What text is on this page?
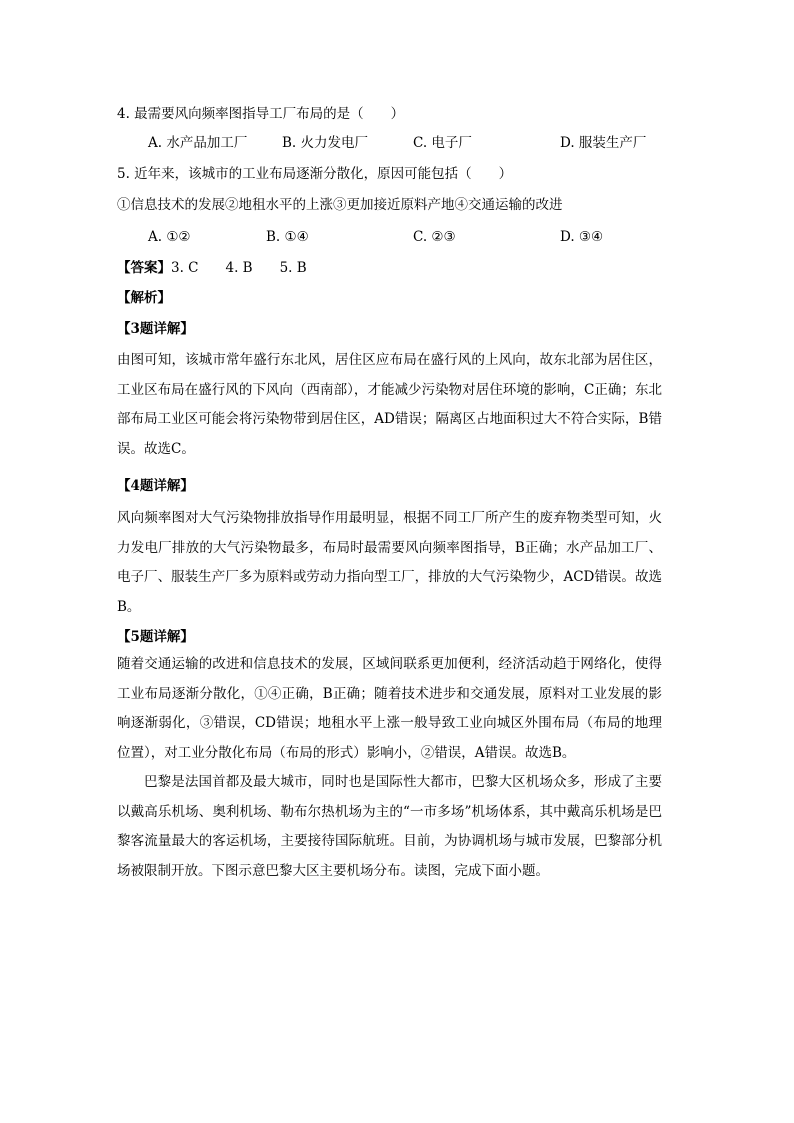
4. 最需要风向频率图指导工厂布局的是（　　）
A. 水产品加工厂	B. 火力发电厂	C. 电子厂	D. 服装生产厂
5. 近年来，该城市的工业布局逐渐分散化，原因可能包括（　　）
①信息技术的发展②地租水平的上涨③更加接近原料产地④交通运输的改进
A. ①②	B. ①④	C. ②③	D. ③④
【答案】3. C　　4. B　　5. B
【解析】
【3题详解】
由图可知，该城市常年盛行东北风，居住区应布局在盛行风的上风向，故东北部为居住区，工业区布局在盛行风的下风向（西南部），才能减少污染物对居住环境的影响，C正确；东北部布局工业区可能会将污染物带到居住区，AD错误；隔离区占地面积过大不符合实际，B错误。故选C。
【4题详解】
风向频率图对大气污染物排放指导作用最明显，根据不同工厂所产生的废弃物类型可知，火力发电厂排放的大气污染物最多，布局时最需要风向频率图指导，B正确；水产品加工厂、电子厂、服装生产厂多为原料或劳动力指向型工厂，排放的大气污染物少，ACD错误。故选B。
【5题详解】
随着交通运输的改进和信息技术的发展，区域间联系更加便利，经济活动趋于网络化，使得工业布局逐渐分散化，①④正确，B正确；随着技术进步和交通发展，原料对工业发展的影响逐渐弱化，③错误，CD错误；地租水平上涨一般导致工业向城区外围布局（布局的地理位置），对工业分散化布局（布局的形式）影响小，②错误，A错误。故选B。
巴黎是法国首都及最大城市，同时也是国际性大都市，巴黎大区机场众多，形成了主要以戴高乐机场、奥利机场、勒布尔热机场为主的“一市多场”机场体系，其中戴高乐机场是巴黎客流量最大的客运机场，主要接待国际航班。目前，为协调机场与城市发展，巴黎部分机场被限制开放。下图示意巴黎大区主要机场分布。读图，完成下面小题。
